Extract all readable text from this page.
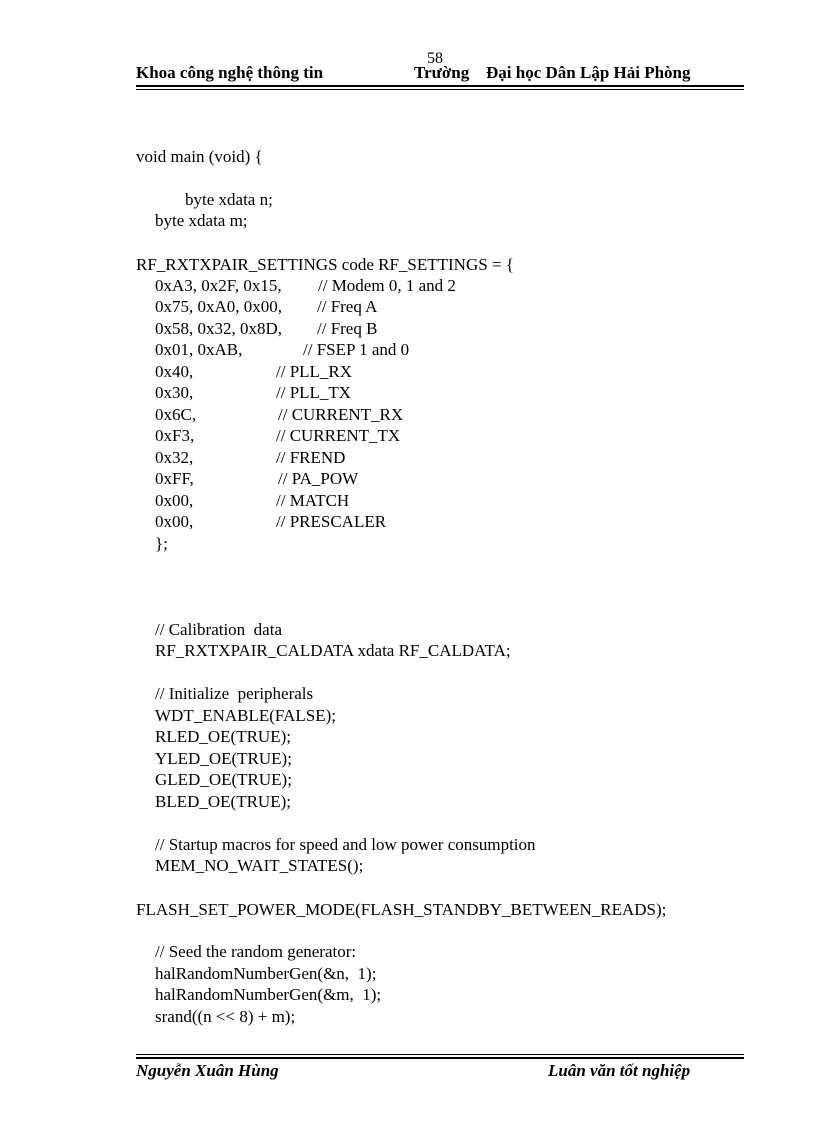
58
Khoa công nghệ thông tin	Trường Đại học Dân Lập Hải Phòng
void main (void) {
byte xdata n;
byte xdata m;
RF_RXTXPAIR_SETTINGS code RF_SETTINGS = {
0xA3, 0x2F, 0x15, // Modem 0, 1 and 2
0x75, 0xA0, 0x00, // Freq A
0x58, 0x32, 0x8D, // Freq B
0x01, 0xAB,	// FSEP 1 and 0
0x40,	// PLL_RX
0x30,	// PLL_TX
0x6C,	// CURRENT_RX
0xF3,	// CURRENT_TX
0x32,	// FREND
0xFF,	// PA_POW
0x00,	// MATCH
0x00,	// PRESCALER
};
// Calibration  data
RF_RXTXPAIR_CALDATA xdata RF_CALDATA;
// Initialize  peripherals
WDT_ENABLE(FALSE);
RLED_OE(TRUE);
YLED_OE(TRUE);
GLED_OE(TRUE);
BLED_OE(TRUE);
// Startup macros for speed and low power consumption
MEM_NO_WAIT_STATES();
FLASH_SET_POWER_MODE(FLASH_STANDBY_BETWEEN_READS);
// Seed the random generator:
halRandomNumberGen(&n,  1);
halRandomNumberGen(&m,  1);
srand((n << 8) + m);
Nguyễn Xuân Hùng	Luân văn tốt nghiệp
